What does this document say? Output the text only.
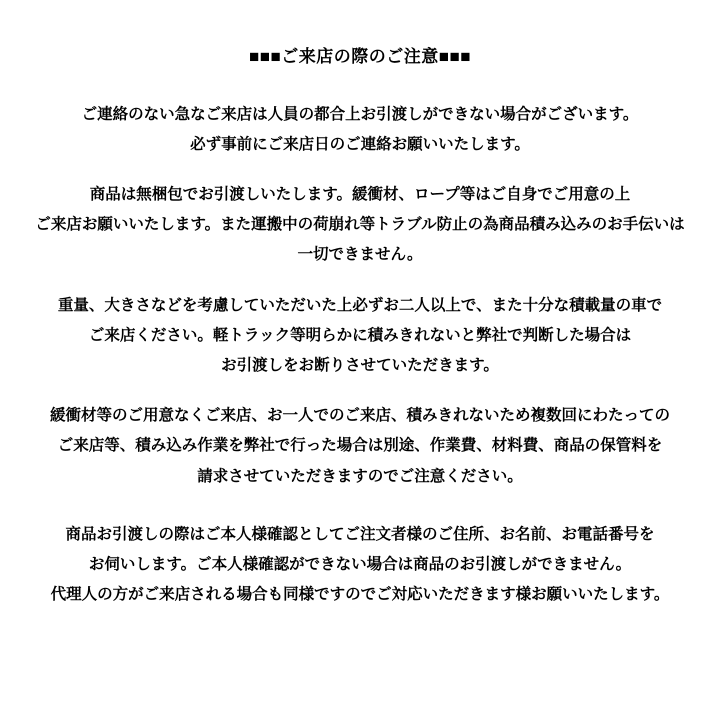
■■■ご来店の際のご注意■■■
ご連絡のない急なご来店は人員の都合上お引渡しができない場合がございます。
必ず事前にご来店日のご連絡お願いいたします。
商品は無梱包でお引渡しいたします。緩衝材、ロープ等はご自身でご用意の上
ご来店お願いいたします。また運搬中の荷崩れ等トラブル防止の為商品積み込みのお手伝いは
一切できません。
重量、大きさなどを考慮していただいた上必ずお二人以上で、また十分な積載量の車で
ご来店ください。軽トラック等明らかに積みきれないと弊社で判断した場合は
お引渡しをお断りさせていただきます。
緩衝材等のご用意なくご来店、お一人でのご来店、積みきれないため複数回にわたっての
ご来店等、積み込み作業を弊社で行った場合は別途、作業費、材料費、商品の保管料を
請求させていただきますのでご注意ください。
商品お引渡しの際はご本人様確認としてご注文者様のご住所、お名前、お電話番号を
お伺いします。ご本人様確認ができない場合は商品のお引渡しができません。
代理人の方がご来店される場合も同様ですのでご対応いただきます様お願いいたします。
